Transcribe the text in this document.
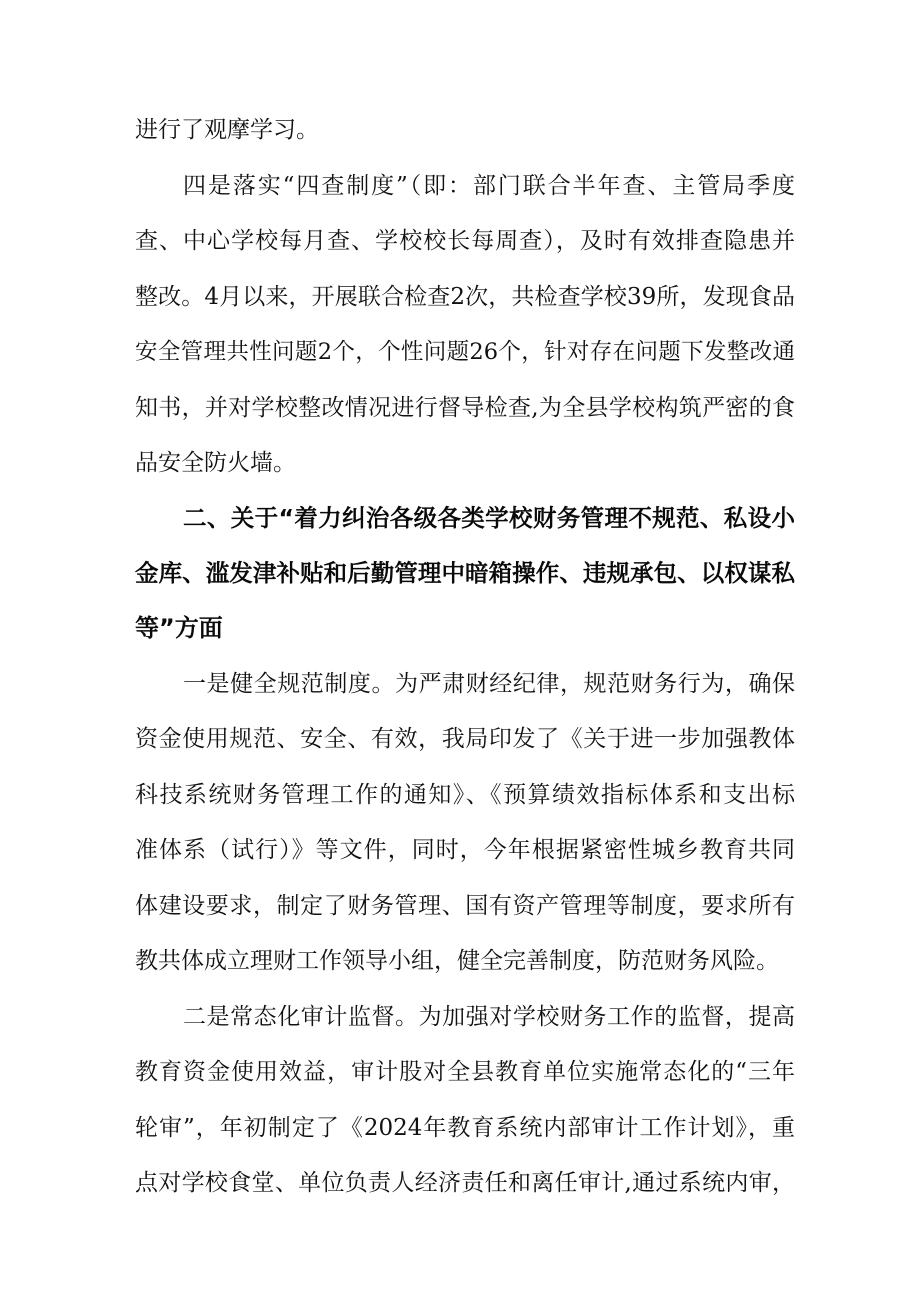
进行了观摩学习。
四是落实“四查制度”（即：部门联合半年查、主管局季度
查、中心学校每月查、学校校长每周查），及时有效排查隐患并
整改。4月以来，开展联合检查2次，共检查学校39所，发现食品
安全管理共性问题2个，个性问题26个，针对存在问题下发整改通
知书，并对学校整改情况进行督导检查,为全县学校构筑严密的食
品安全防火墙。
二、关于“着力纠治各级各类学校财务管理不规范、私设小
金库、滥发津补贴和后勤管理中暗箱操作、违规承包、以权谋私
等”方面
一是健全规范制度。为严肃财经纪律，规范财务行为，确保
资金使用规范、安全、有效，我局印发了《关于进一步加强教体
科技系统财务管理工作的通知》、《预算绩效指标体系和支出标
准体系（试行）》等文件，同时，今年根据紧密性城乡教育共同
体建设要求，制定了财务管理、国有资产管理等制度，要求所有
教共体成立理财工作领导小组，健全完善制度，防范财务风险。
二是常态化审计监督。为加强对学校财务工作的监督，提高
教育资金使用效益，审计股对全县教育单位实施常态化的“三年
轮审”，年初制定了《2024年教育系统内部审计工作计划》，重
点对学校食堂、单位负责人经济责任和离任审计,通过系统内审，
